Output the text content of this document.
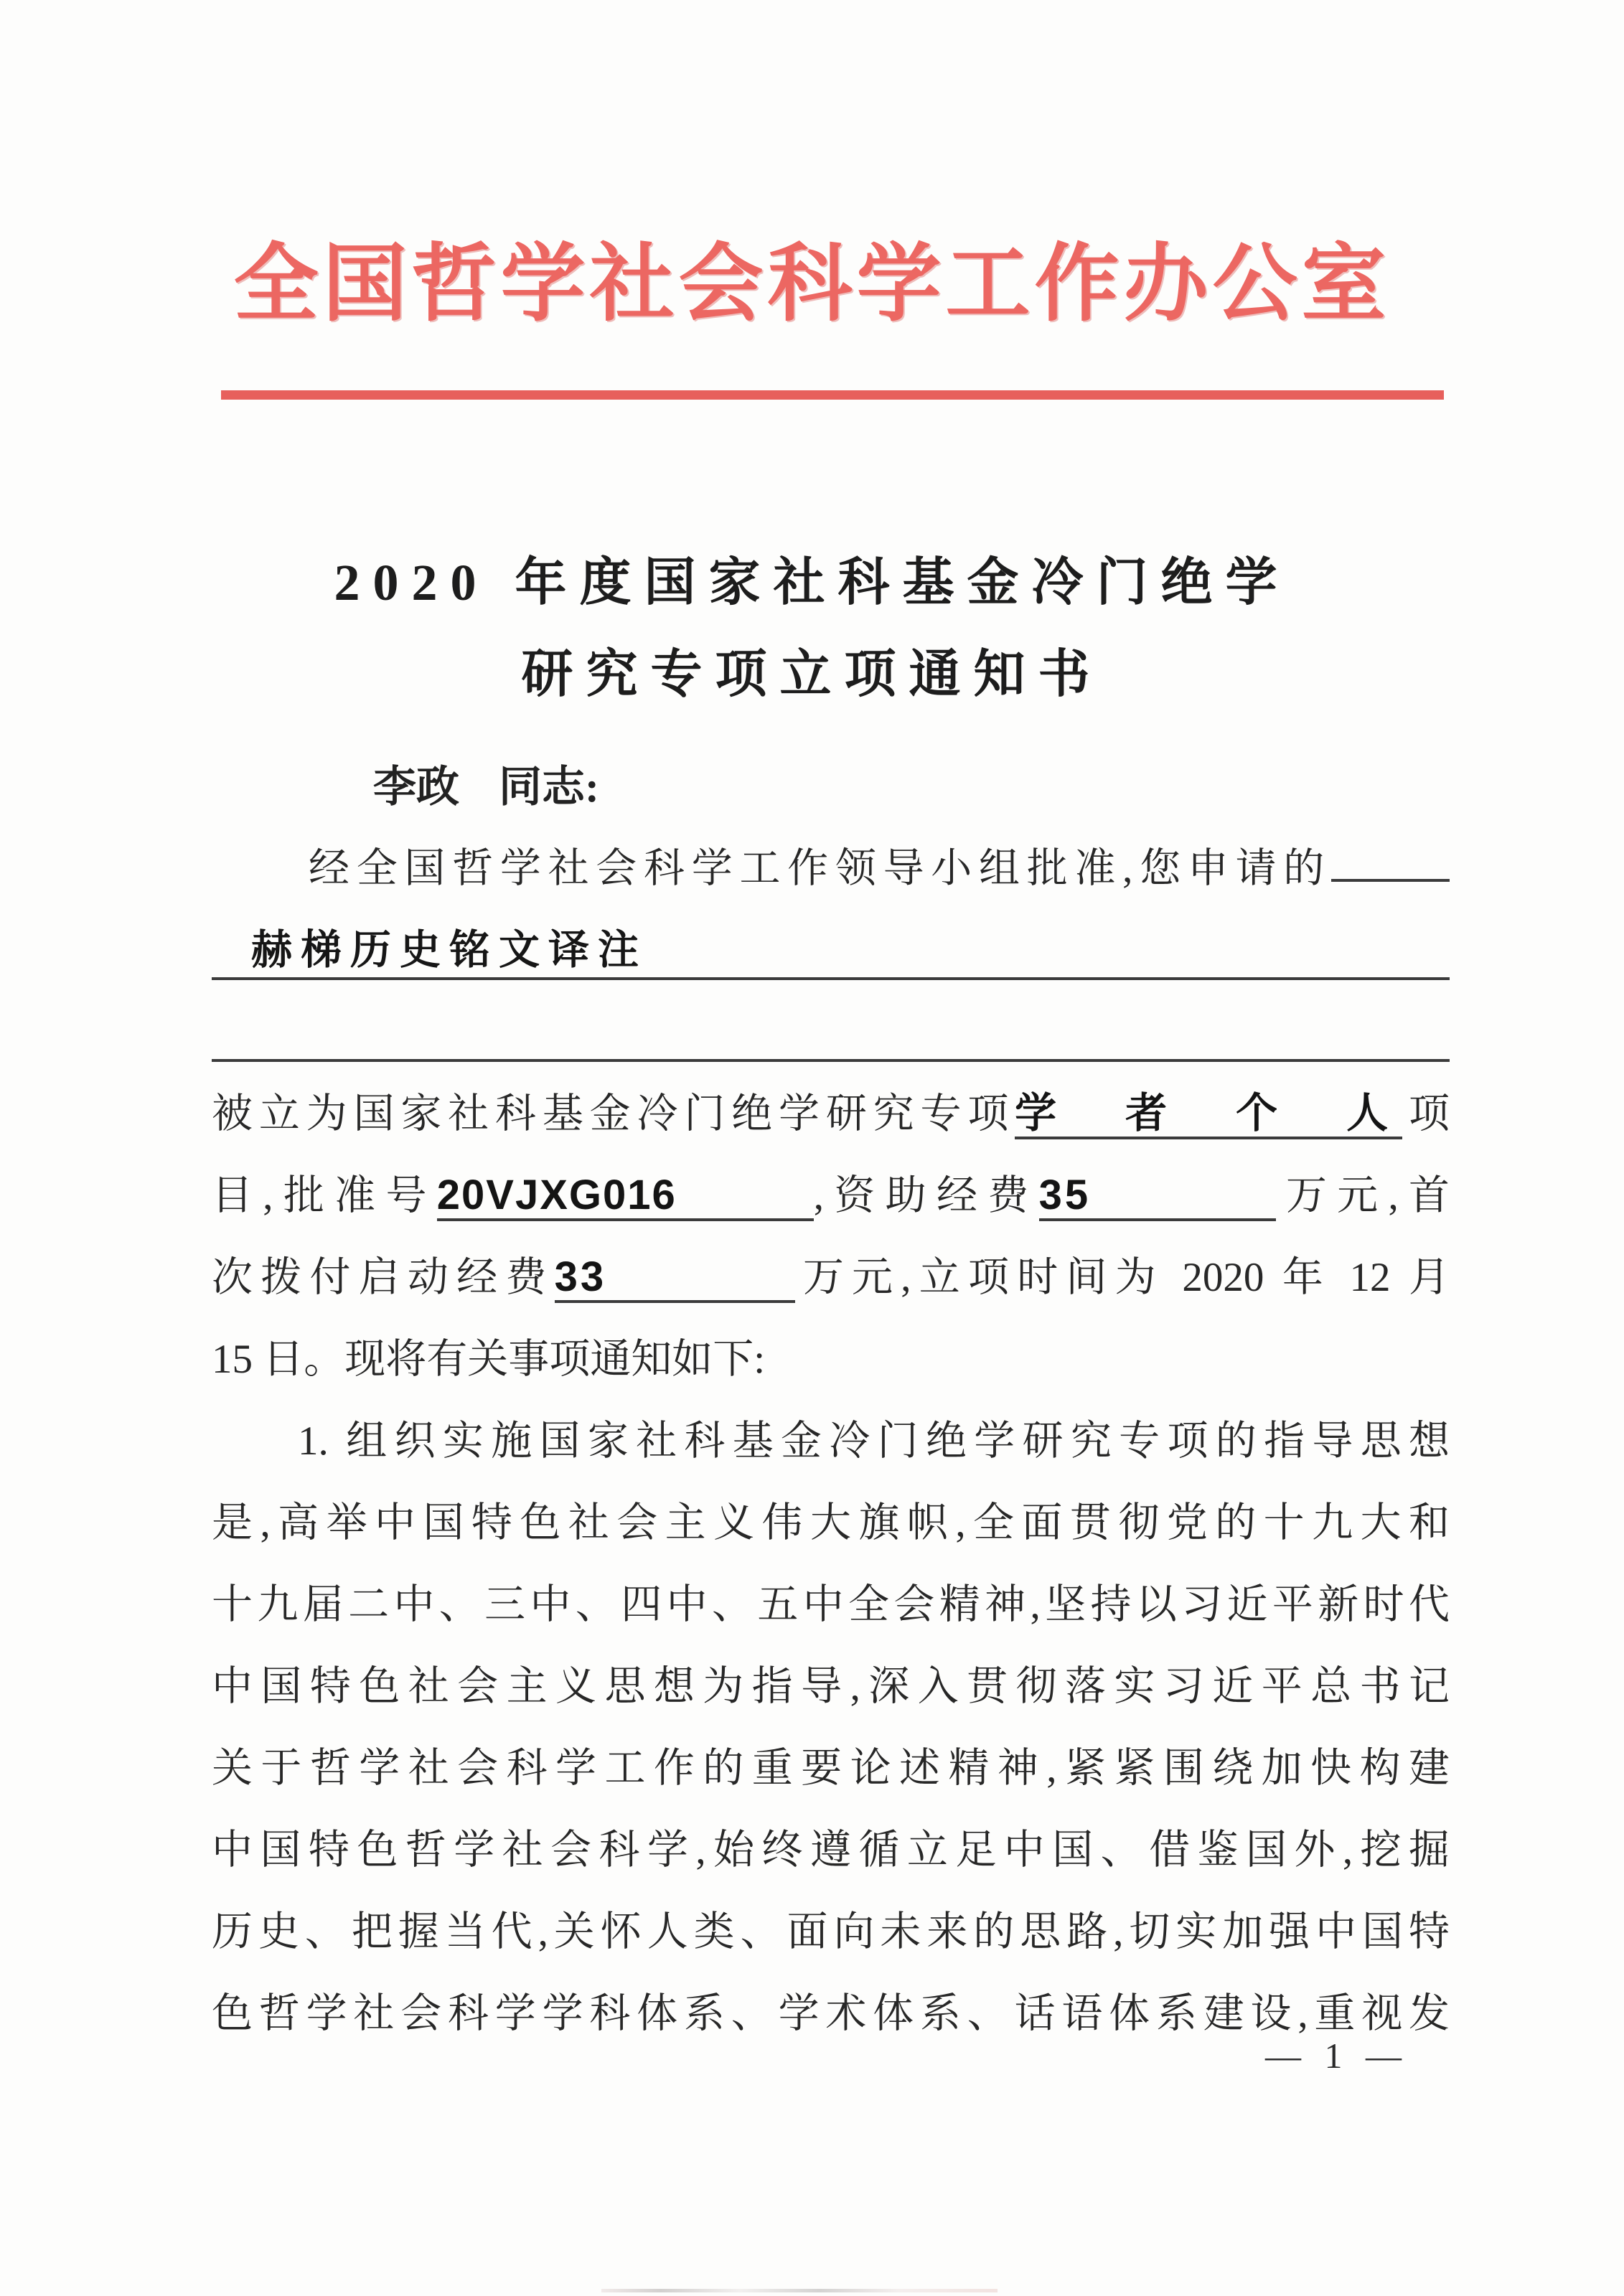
全国哲学社会科学工作办公室
2020 年度国家社科基金冷门绝学
研究专项立项通知书
李政 同志:
经全国哲学社会科学工作领导小组批准,您申请的
赫梯历史铭文译注
被立为国家社科基金冷门绝学研究专项学者个人项
目,批准号20VJXG016	,资助经费35	万元,首
次拨付启动经费33	万元,立项时间为 2020 年 12 月
15 日。现将有关事项通知如下:
1. 组织实施国家社科基金冷门绝学研究专项的指导思想
是,高举中国特色社会主义伟大旗帜,全面贯彻党的十九大和
十九届二中、三中、四中、五中全会精神,坚持以习近平新时代
中国特色社会主义思想为指导,深入贯彻落实习近平总书记
关于哲学社会科学工作的重要论述精神,紧紧围绕加快构建
中国特色哲学社会科学,始终遵循立足中国、借鉴国外,挖掘
历史、把握当代,关怀人类、面向未来的思路,切实加强中国特
色哲学社会科学学科体系、学术体系、话语体系建设,重视发
— 1 —
